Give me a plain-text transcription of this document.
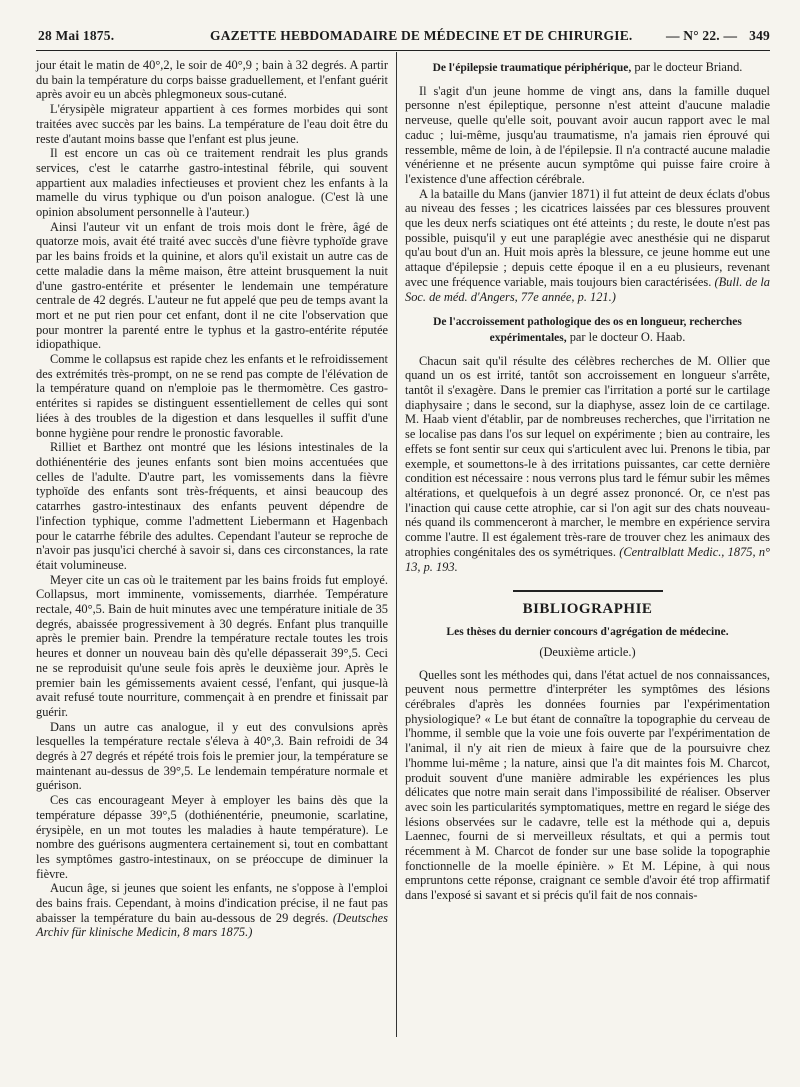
28 Mai 1875.	GAZETTE HEBDOMADAIRE DE MÉDECINE ET DE CHIRURGIE. — N° 22. — 349

jour était le matin de 40°,2, le soir de 40°,9 ; bain à 32 degrés. A partir du bain la température du corps baisse graduellement, et l'enfant guérit après avoir eu un abcès phlegmoneux sous-cutané.

L'érysipèle migrateur appartient à ces formes morbides qui sont traitées avec succès par les bains. La température de l'eau doit être du reste d'autant moins basse que l'enfant est plus jeune.

Il est encore un cas où ce traitement rendrait les plus grands services, c'est le catarrhe gastro-intestinal fébrile, qui souvent appartient aux maladies infectieuses et provient chez les enfants à la mamelle du virus typhique ou d'un poison analogue. (C'est là une opinion absolument personnelle à l'auteur.)

Ainsi l'auteur vit un enfant de trois mois dont le frère, âgé de quatorze mois, avait été traité avec succès d'une fièvre typhoïde grave par les bains froids et la quinine, et alors qu'il existait un autre cas de cette maladie dans la même maison, être atteint brusquement la nuit d'une gastro-entérite et présenter le lendemain une température centrale de 42 degrés. L'auteur ne fut appelé que peu de temps avant la mort et ne put rien pour cet enfant, dont il ne cite l'observation que pour montrer la parenté entre le typhus et la gastro-entérite réputée idiopathique.

Comme le collapsus est rapide chez les enfants et le refroidissement des extrémités très-prompt, on ne se rend pas compte de l'élévation de la température quand on n'emploie pas le thermomètre. Ces gastro-entérites si rapides se distinguent essentiellement de celles qui sont liées à des troubles de la digestion et dans lesquelles il suffit d'une bonne hygiène pour rendre le pronostic favorable.

Rilliet et Barthez ont montré que les lésions intestinales de la dothiénentérie des jeunes enfants sont bien moins accentuées que celles de l'adulte. D'autre part, les vomissements dans la fièvre typhoïde des enfants sont très-fréquents, et ainsi beaucoup des catarrhes gastro-intestinaux des enfants peuvent dépendre de l'infection typhique, comme l'admettent Liebermann et Hagenbach pour le catarrhe fébrile des adultes. Cependant l'auteur se reproche de n'avoir pas jusqu'ici cherché à savoir si, dans ces circonstances, la rate était volumineuse.

Meyer cite un cas où le traitement par les bains froids fut employé. Collapsus, mort imminente, vomissements, diarrhée. Température rectale, 40°,5. Bain de huit minutes avec une température initiale de 35 degrés, abaissée progressivement à 30 degrés. Enfant plus tranquille après le premier bain. Prendre la température rectale toutes les trois heures et donner un nouveau bain dès qu'elle dépasserait 39°,5. Ceci ne se reproduisit qu'une seule fois après le deuxième jour. Après le premier bain les gémissements avaient cessé, l'enfant, qui jusque-là avait refusé toute nourriture, commençait à en prendre et finissait par guérir.

Dans un autre cas analogue, il y eut des convulsions après lesquelles la température rectale s'éleva à 40°,3. Bain refroidi de 34 degrés à 27 degrés et répété trois fois le premier jour, la température se maintenant au-dessus de 39°,5. Le lendemain température normale et guérison.

Ces cas encourageant Meyer à employer les bains dès que la température dépasse 39°,5 (dothiénentérie, pneumonie, scarlatine, érysipèle, en un mot toutes les maladies à haute température). Le nombre des guérisons augmentera certainement si, tout en combattant les symptômes gastro-intestinaux, on se préoccupe de diminuer la fièvre.

Aucun âge, si jeunes que soient les enfants, ne s'oppose à l'emploi des bains frais. Cependant, à moins d'indication précise, il ne faut pas abaisser la température du bain au-dessous de 29 degrés. (Deutsches Archiv für klinische Medicin, 8 mars 1875.)

De l'épilepsie traumatique périphérique, par le docteur Briand.

Il s'agit d'un jeune homme de vingt ans, dans la famille duquel personne n'est épileptique, personne n'est atteint d'aucune maladie nerveuse, quelle qu'elle soit, pouvant avoir aucun rapport avec le mal caduc ; lui-même, jusqu'au traumatisme, n'a jamais rien éprouvé qui ressemble, même de loin, à de l'épilepsie. Il n'a contracté aucune maladie vénérienne et ne présente aucun symptôme qui puisse faire croire à l'existence d'une affection cérébrale.

A la bataille du Mans (janvier 1871) il fut atteint de deux éclats d'obus au niveau des fesses ; les cicatrices laissées par ces blessures prouvent que les deux nerfs sciatiques ont été atteints ; du reste, le doute n'est pas possible, puisqu'il y eut une paraplégie avec anesthésie qui ne disparut qu'au bout d'un an. Huit mois après la blessure, ce jeune homme eut une attaque d'épilepsie ; depuis cette époque il en a eu plusieurs, revenant avec une fréquence variable, mais toujours bien caractérisées. (Bull. de la Soc. de méd. d'Angers, 77e année, p. 121.)

De l'accroissement pathologique des os en longueur, recherches expérimentales, par le docteur O. Haab.

Chacun sait qu'il résulte des célèbres recherches de M. Ollier que quand un os est irrité, tantôt son accroissement en longueur s'arrête, tantôt il s'exagère. Dans le premier cas l'irritation a porté sur le cartilage diaphysaire ; dans le second, sur la diaphyse, assez loin de ce cartilage. M. Haab vient d'établir, par de nombreuses recherches, que l'irritation ne se localise pas dans l'os sur lequel on expérimente ; bien au contraire, les effets se font sentir sur ceux qui s'articulent avec lui. Prenons le tibia, par exemple, et soumettons-le à des irritations puissantes, car cette dernière condition est nécessaire : nous verrons plus tard le fémur subir les mêmes altérations, et quelquefois à un degré assez prononcé. Or, ce n'est pas l'inaction qui cause cette atrophie, car si l'on agit sur des chats nouveau-nés quand ils commenceront à marcher, le membre en expérience servira comme l'autre. Il est également très-rare de trouver chez les animaux des atrophies congénitales des os symétriques. (Centralblatt Medic., 1875, n° 13, p. 193.

BIBLIOGRAPHIE
Les thèses du dernier concours d'agrégation de médecine.
(Deuxième article.)

Quelles sont les méthodes qui, dans l'état actuel de nos connaissances, peuvent nous permettre d'interpréter les symptômes des lésions cérébrales d'après les données fournies par l'expérimentation physiologique? « Le but étant de connaître la topographie du cerveau de l'homme, il semble que la voie une fois ouverte par l'expérimentation de l'animal, il n'y ait rien de mieux à faire que de la poursuivre chez l'homme lui-même ; la nature, ainsi que l'a dit maintes fois M. Charcot, produit souvent d'une manière admirable les expériences les plus délicates que notre main serait dans l'impossibilité de réaliser. Observer avec soin les particularités symptomatiques, mettre en regard le siége des lésions observées sur le cadavre, telle est la méthode qui a, depuis Laennec, fourni de si merveilleux résultats, et qui a permis tout récemment à M. Charcot de fonder sur une base solide la topographie fonctionnelle de la moelle épinière. » Et M. Lépine, à qui nous empruntons cette réponse, craignant ce semble d'avoir été trop affirmatif dans l'exposé si savant et si précis qu'il fait de nos connais-
